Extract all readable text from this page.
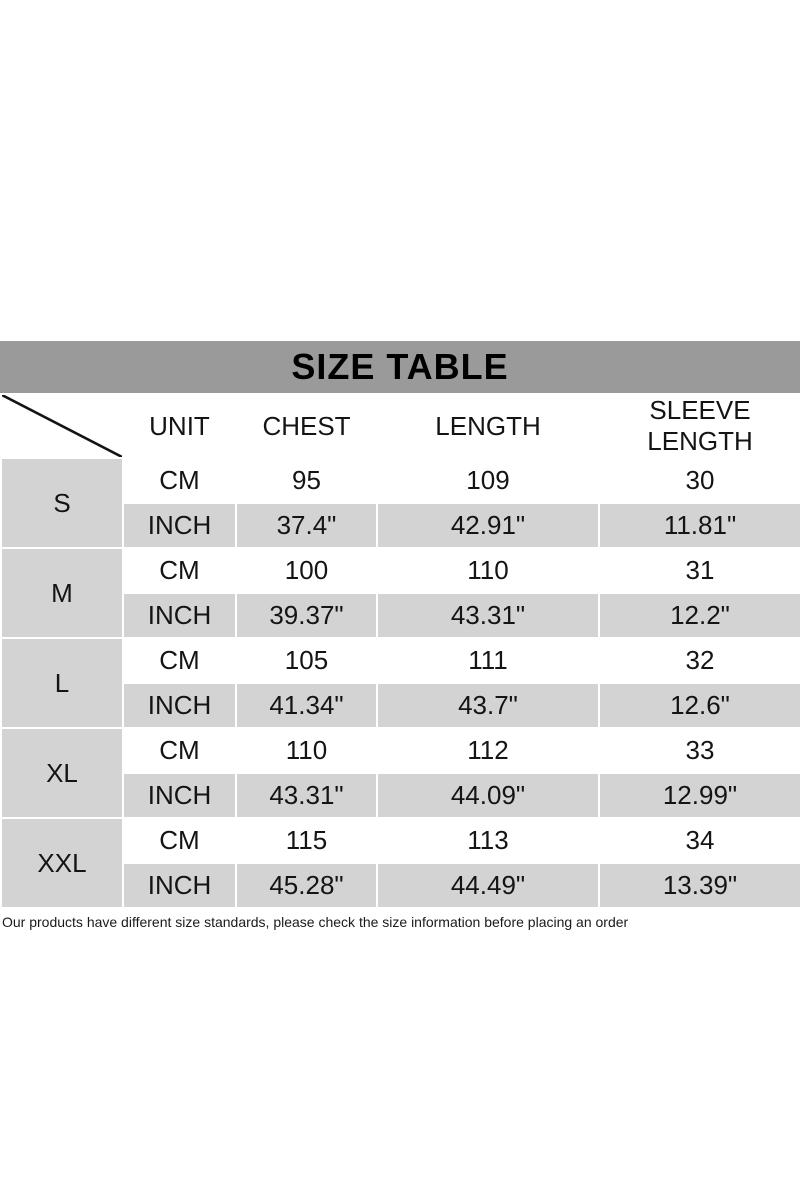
SIZE TABLE
	UNIT	CHEST	LENGTH	SLEEVE LENGTH
S	CM	95	109	30
	INCH	37.4"	42.91"	11.81"
M	CM	100	110	31
	INCH	39.37"	43.31"	12.2"
L	CM	105	111	32
	INCH	41.34"	43.7"	12.6"
XL	CM	110	112	33
	INCH	43.31"	44.09"	12.99"
XXL	CM	115	113	34
	INCH	45.28"	44.49"	13.39"
Our products have different size standards, please check the size information before placing an order
